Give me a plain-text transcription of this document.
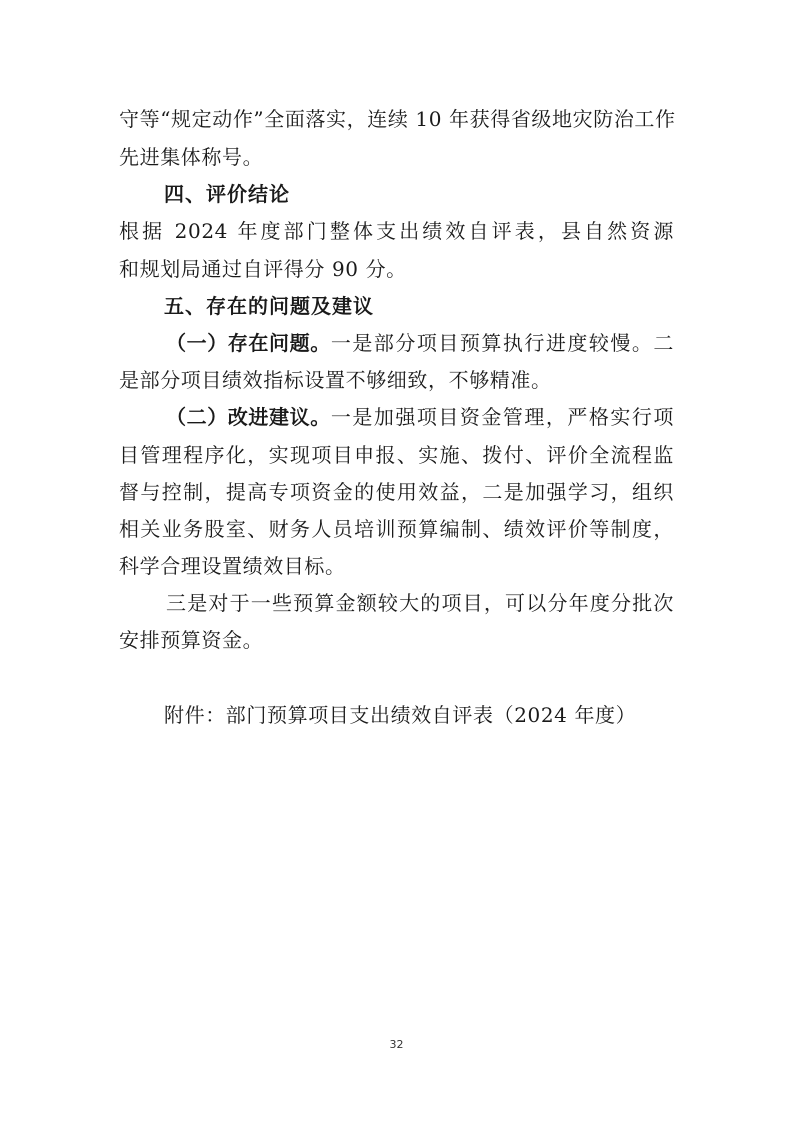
守等“规定动作”全面落实，连续 10 年获得省级地灾防治工作
先进集体称号。
四、评价结论
根据 2024 年度部门整体支出绩效自评表，县自然资源
和规划局通过自评得分 90 分。
五、存在的问题及建议
（一）存在问题。 一是部分项目预算执行进度较慢。二
是部分项目绩效指标设置不够细致，不够精准。
（二）改进建议。 一是加强项目资金管理，严格实行项
目管理程序化，实现项目申报、实施、拨付、评价全流程监
督与控制，提高专项资金的使用效益，二是加强学习，组织
相关业务股室、财务人员培训预算编制、绩效评价等制度，
科学合理设置绩效目标。
三是对于一些预算金额较大的项目，可以分年度分批次
安排预算资金。
附件：部门预算项目支出绩效自评表（2024 年度）
32
